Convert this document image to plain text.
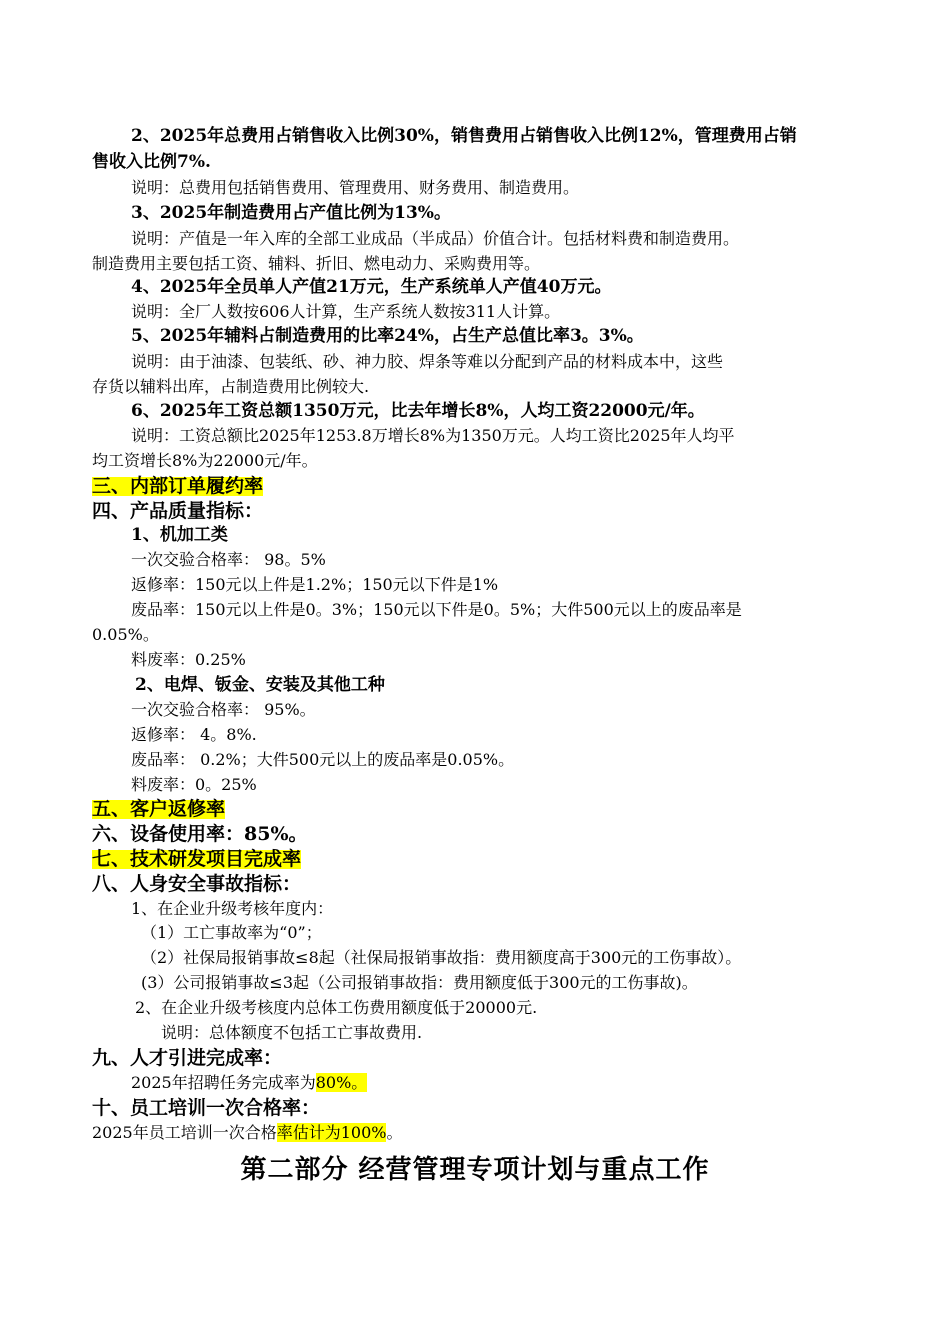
2、2025年总费用占销售收入比例30%，销售费用占销售收入比例12%，管理费用占销
售收入比例7%.
说明：总费用包括销售费用、管理费用、财务费用、制造费用。
3、2025年制造费用占产值比例为13%。
说明：产值是一年入库的全部工业成品（半成品）价值合计。包括材料费和制造费用。
制造费用主要包括工资、辅料、折旧、燃电动力、采购费用等。
4、2025年全员单人产值21万元，生产系统单人产值40万元。
说明：全厂人数按606人计算，生产系统人数按311人计算。
5、2025年辅料占制造费用的比率24%，占生产总值比率3。3%。
说明：由于油漆、包装纸、砂、神力胶、焊条等难以分配到产品的材料成本中，这些
存货以辅料出库，占制造费用比例较大.
6、2025年工资总额1350万元，比去年增长8%，人均工资22000元/年。
说明：工资总额比2025年1253.8万增长8%为1350万元。人均工资比2025年人均平
均工资增长8%为22000元/年。
三、内部订单履约率
四、产品质量指标：
1、机加工类
一次交验合格率： 98。5%
返修率：150元以上件是1.2%；150元以下件是1%
废品率：150元以上件是0。3%；150元以下件是0。5%；大件500元以上的废品率是
0.05%。
料废率：0.25%
2、电焊、钣金、安装及其他工种
一次交验合格率： 95%。
返修率： 4。8%.
废品率： 0.2%；大件500元以上的废品率是0.05%。
料废率：0。25%
五、客户返修率
六、设备使用率：85%。
七、技术研发项目完成率
八、人身安全事故指标：
1、在企业升级考核年度内：
（1）工亡事故率为“0”；
（2）社保局报销事故≤8起（社保局报销事故指：费用额度高于300元的工伤事故）。
(3）公司报销事故≤3起（公司报销事故指：费用额度低于300元的工伤事故)。
2、在企业升级考核度内总体工伤费用额度低于20000元.
说明：总体额度不包括工亡事故费用.
九、人才引进完成率：
2025年招聘任务完成率为80%。
十、员工培训一次合格率：
2025年员工培训一次合格率估计为100%。
第二部分 经营管理专项计划与重点工作
